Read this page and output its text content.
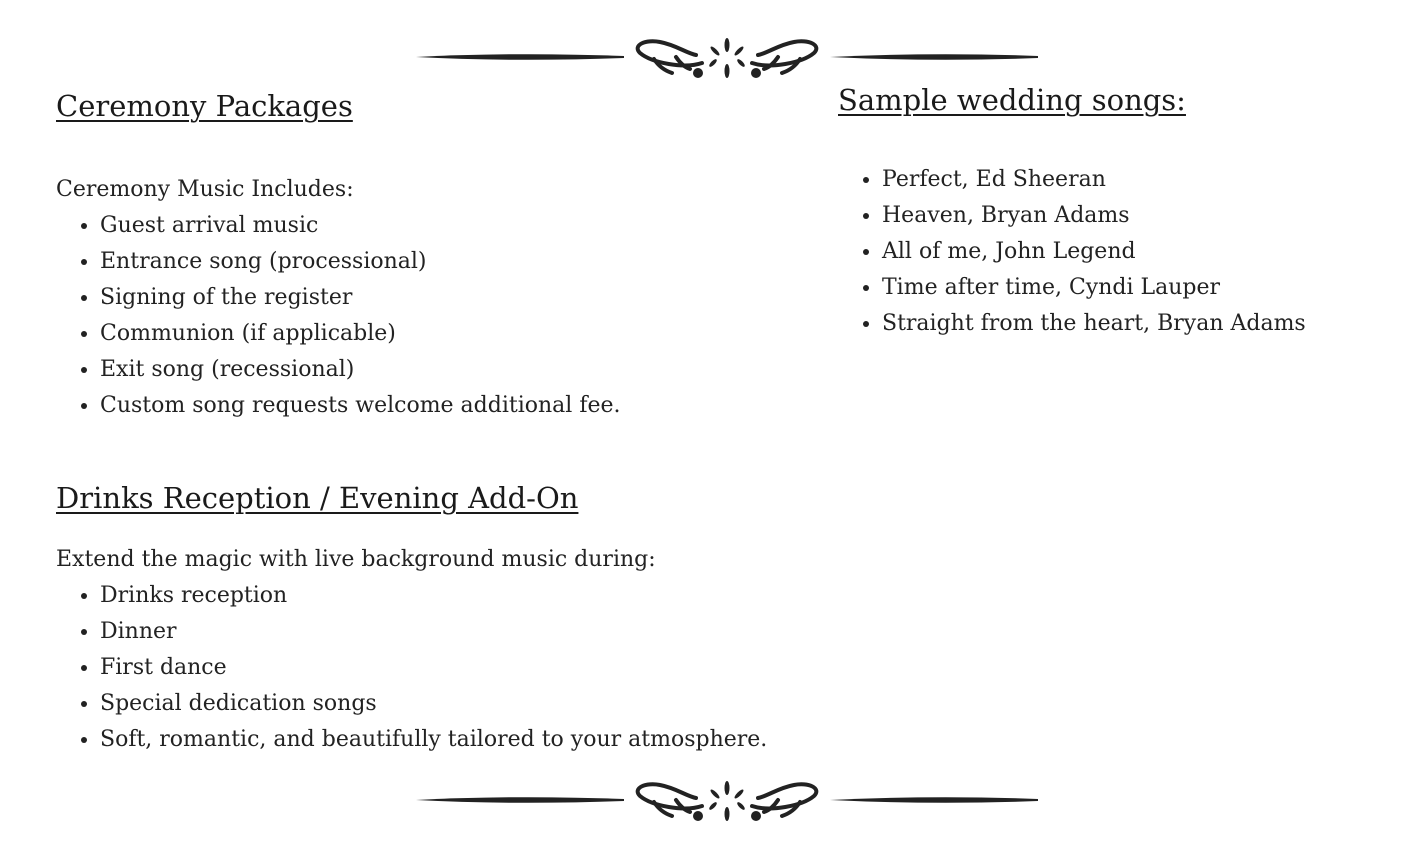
Ceremony Packages

Ceremony Music Includes:

• Guest arrival music
• Entrance song (processional)
• Signing of the register
• Communion (if applicable)
• Exit song (recessional)
• Custom song requests welcome additional fee.
Drinks Reception / Evening Add-On

Extend the magic with live background music during:

• Drinks reception
• Dinner
• First dance
• Special dedication songs
• Soft, romantic, and beautifully tailored to your atmosphere.
Sample wedding songs:
• Perfect, Ed Sheeran
• Heaven, Bryan Adams
• All of me, John Legend
• Time after time, Cyndi Lauper
• Straight from the heart, Bryan Adams
